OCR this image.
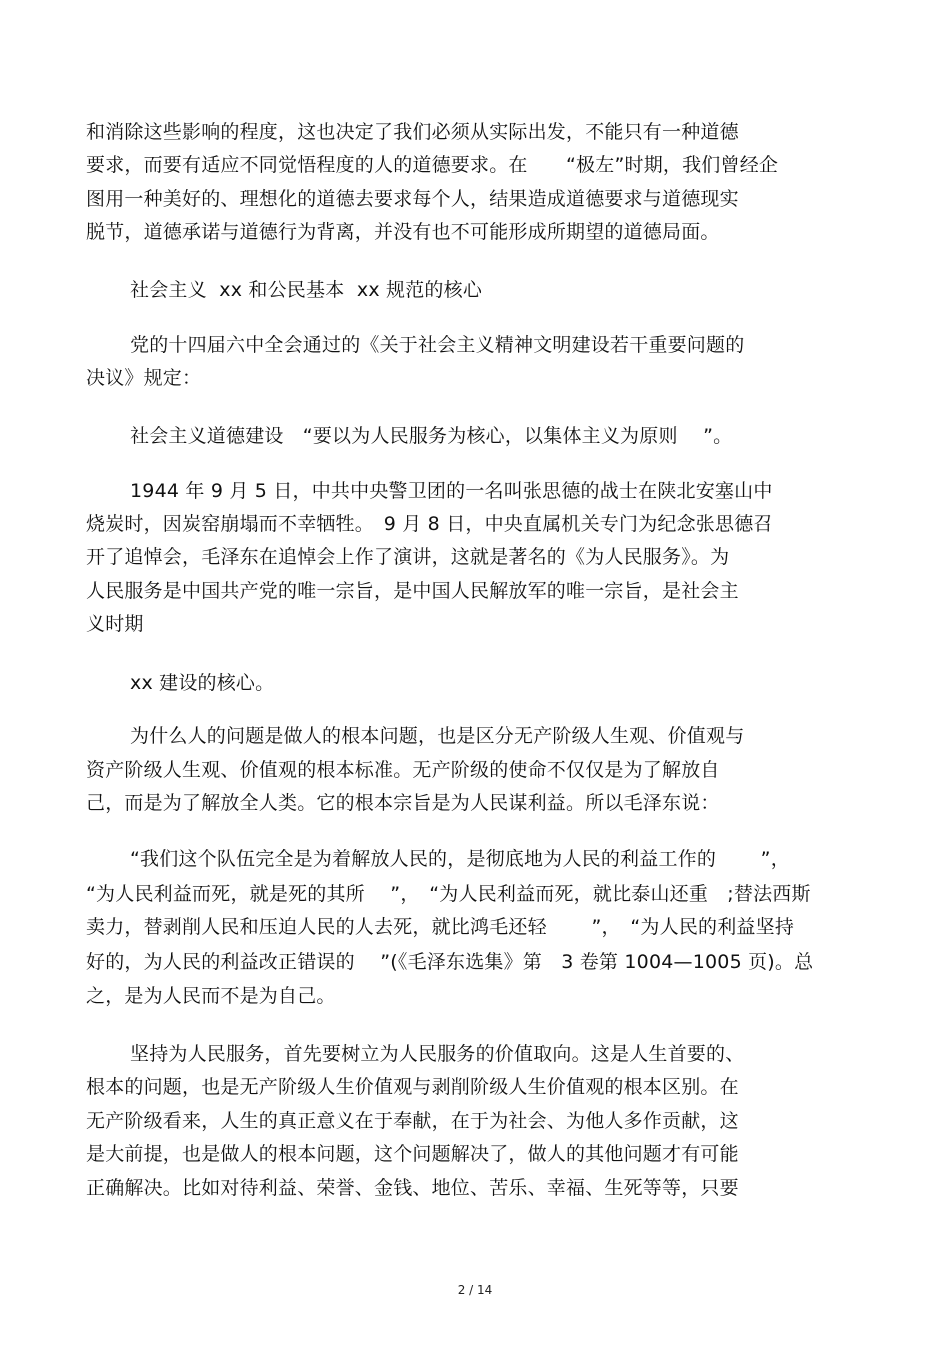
和消除这些影响的程度，这也决定了我们必须从实际出发，不能只有一种道德
要求，而要有适应不同觉悟程度的人的道德要求。在　　“极左”时期，我们曾经企
图用一种美好的、理想化的道德去要求每个人，结果造成道德要求与道德现实
脱节，道德承诺与道德行为背离，并没有也不可能形成所期望的道德局面。
社会主义  xx 和公民基本  xx 规范的核心
党的十四届六中全会通过的《关于社会主义精神文明建设若干重要问题的
决议》规定：
社会主义道德建设　“要以为人民服务为核心，以集体主义为原则　 ”。
1944 年 9 月 5 日，中共中央警卫团的一名叫张思德的战士在陕北安塞山中
烧炭时，因炭窑崩塌而不幸牺牲。　9 月 8 日，中央直属机关专门为纪念张思德召
开了追悼会，毛泽东在追悼会上作了演讲，这就是著名的《为人民服务》。为
人民服务是中国共产党的唯一宗旨，是中国人民解放军的唯一宗旨，是社会主
义时期
xx 建设的核心。
为什么人的问题是做人的根本问题，也是区分无产阶级人生观、价值观与
资产阶级人生观、价值观的根本标准。无产阶级的使命不仅仅是为了解放自
己，而是为了解放全人类。它的根本宗旨是为人民谋利益。所以毛泽东说：
“我们这个队伍完全是为着解放人民的，是彻底地为人民的利益工作的　　 ”，
“为人民利益而死，就是死的其所　 ”，　“为人民利益而死，就比泰山还重　;替法西斯
卖力，替剥削人民和压迫人民的人去死，就比鸿毛还轻　　 ”，　“为人民的利益坚持
好的，为人民的利益改正错误的　 ”(《毛泽东选集》第　3 卷第 1004—1005 页)。总
之，是为人民而不是为自己。
坚持为人民服务，首先要树立为人民服务的价值取向。这是人生首要的、
根本的问题，也是无产阶级人生价值观与剥削阶级人生价值观的根本区别。在
无产阶级看来，人生的真正意义在于奉献，在于为社会、为他人多作贡献，这
是大前提，也是做人的根本问题，这个问题解决了，做人的其他问题才有可能
正确解决。比如对待利益、荣誉、金钱、地位、苦乐、幸福、生死等等，只要
2 / 14
